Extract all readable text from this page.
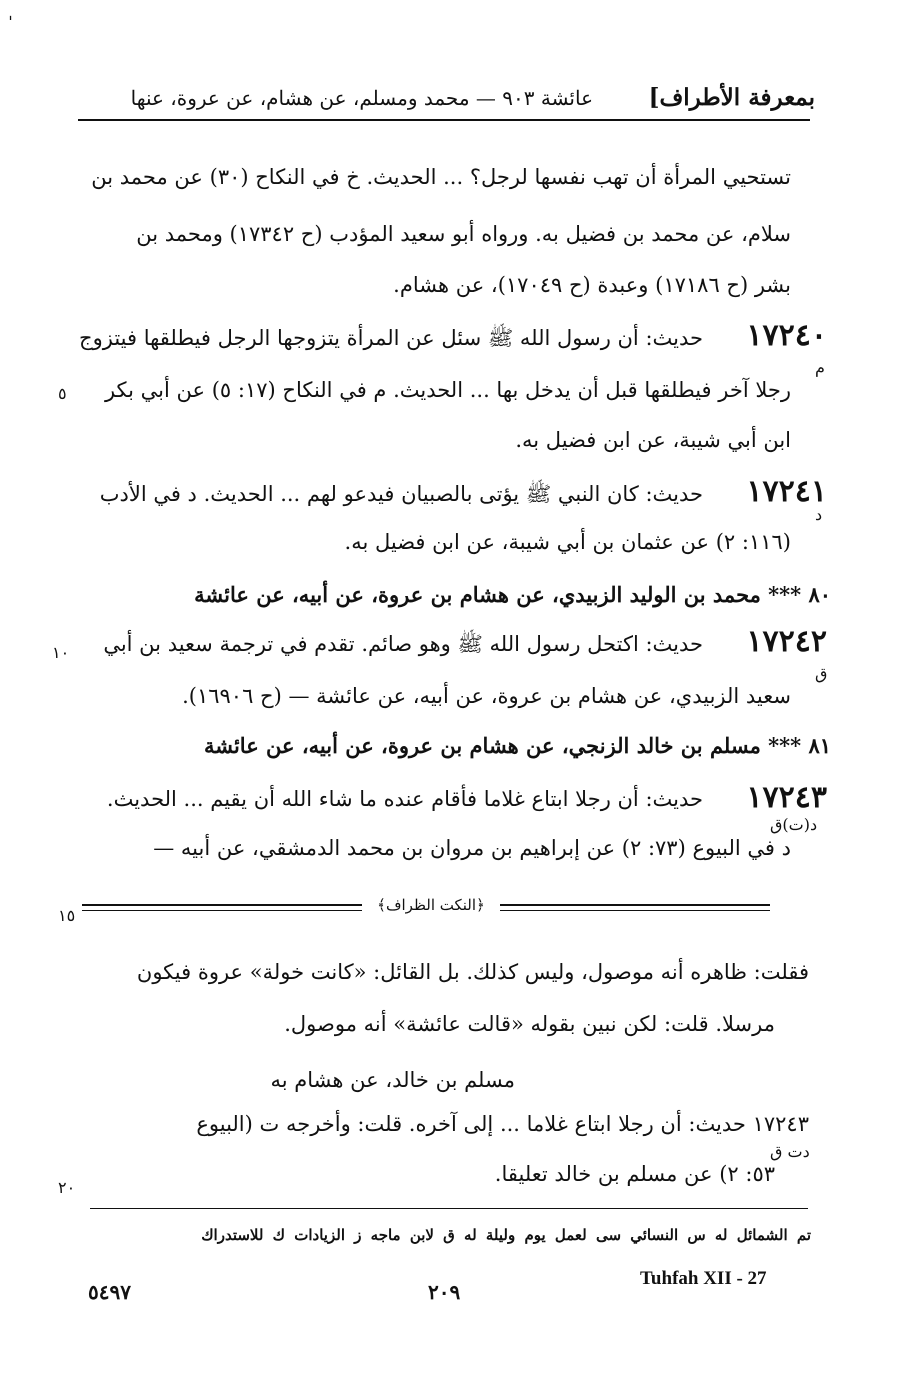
بمعرفة الأطراف]
عائشة ٩٠٣ — محمد ومسلم، عن هشام، عن عروة، عنها
تستحيي المرأة أن تهب نفسها لرجل؟ ... الحديث. خ في النكاح (٣٠) عن محمد بن
سلام، عن محمد بن فضيل به. ورواه أبو سعيد المؤدب (ح ١٧٣٤٢) ومحمد بن
بشر (ح ١٧١٨٦) وعبدة (ح ١٧٠٤٩)، عن هشام.
١٧٢٤٠
حديث: أن رسول الله ﷺ سئل عن المرأة يتزوجها الرجل فيطلقها فيتزوج
م
رجلا آخر فيطلقها قبل أن يدخل بها ... الحديث. م في النكاح (١٧: ٥) عن أبي بكر
٥
ابن أبي شيبة، عن ابن فضيل به.
١٧٢٤١
حديث: كان النبي ﷺ يؤتى بالصبيان فيدعو لهم ... الحديث. د في الأدب
د
(١١٦: ٢) عن عثمان بن أبي شيبة، عن ابن فضيل به.
٨٠ *** محمد بن الوليد الزبيدي، عن هشام بن عروة، عن أبيه، عن عائشة
١٧٢٤٢
حديث: اكتحل رسول الله ﷺ وهو صائم. تقدم في ترجمة سعيد بن أبي
١٠
ق
سعيد الزبيدي، عن هشام بن عروة، عن أبيه، عن عائشة — (ح ١٦٩٠٦).
٨١ *** مسلم بن خالد الزنجي، عن هشام بن عروة، عن أبيه، عن عائشة
١٧٢٤٣
حديث: أن رجلا ابتاع غلاما فأقام عنده ما شاء الله أن يقيم ... الحديث.
د(ت)ق
د في البيوع (٧٣: ٢) عن إبراهيم بن مروان بن محمد الدمشقي، عن أبيه —
﴿النكت الظراف﴾
١٥
فقلت: ظاهره أنه موصول، وليس كذلك. بل القائل: «كانت خولة» عروة فيكون
مرسلا. قلت: لكن نبين بقوله «قالت عائشة» أنه موصول.
مسلم بن خالد، عن هشام به
١٧٢٤٣ حديث: أن رجلا ابتاع غلاما ... إلى آخره. قلت: وأخرجه ت (البيوع
دت ق
٥٣: ٢) عن مسلم بن خالد تعليقا.
٢٠
تم الشمائل له س النسائي سى لعمل يوم وليلة له ق لابن ماجه ز الزيادات ك للاستدراك
٥٤٩٧	٢٠٩
Tuhfah XII - 27
ˌ
